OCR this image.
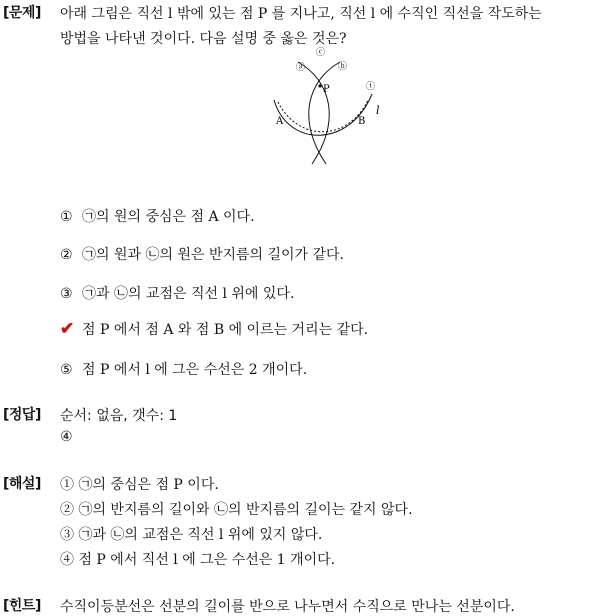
[문제] 아래 그림은 직선 l 밖에 있는 점 P 를 지나고, 직선 l 에 수직인 직선을 작도하는
방법을 나타낸 것이다. 다음 설명 중 옳은 것은?
P
A	B
l
ⓒ
ⓐ	ⓑ
ⓣ
① ㉠의 원의 중심은 점 A 이다.
② ㉠의 원과 ㉡의 원은 반지름의 길이가 같다.
③ ㉠과 ㉡의 교점은 직선 l 위에 있다.
✔ 점 P 에서 점 A 와 점 B 에 이르는 거리는 같다.
⑤ 점 P 에서 l 에 그은 수선은 2 개이다.
[정답] 순서: 없음, 갯수: 1
④
[해설] ① ㉠의 중심은 점 P 이다.
② ㉠의 반지름의 길이와 ㉡의 반지름의 길이는 같지 않다.
③ ㉠과 ㉡의 교점은 직선 l 위에 있지 않다.
④ 점 P 에서 직선 l 에 그은 수선은 1 개이다.
[힌트] 수직이등분선은 선분의 길이를 반으로 나누면서 수직으로 만나는 선분이다.
